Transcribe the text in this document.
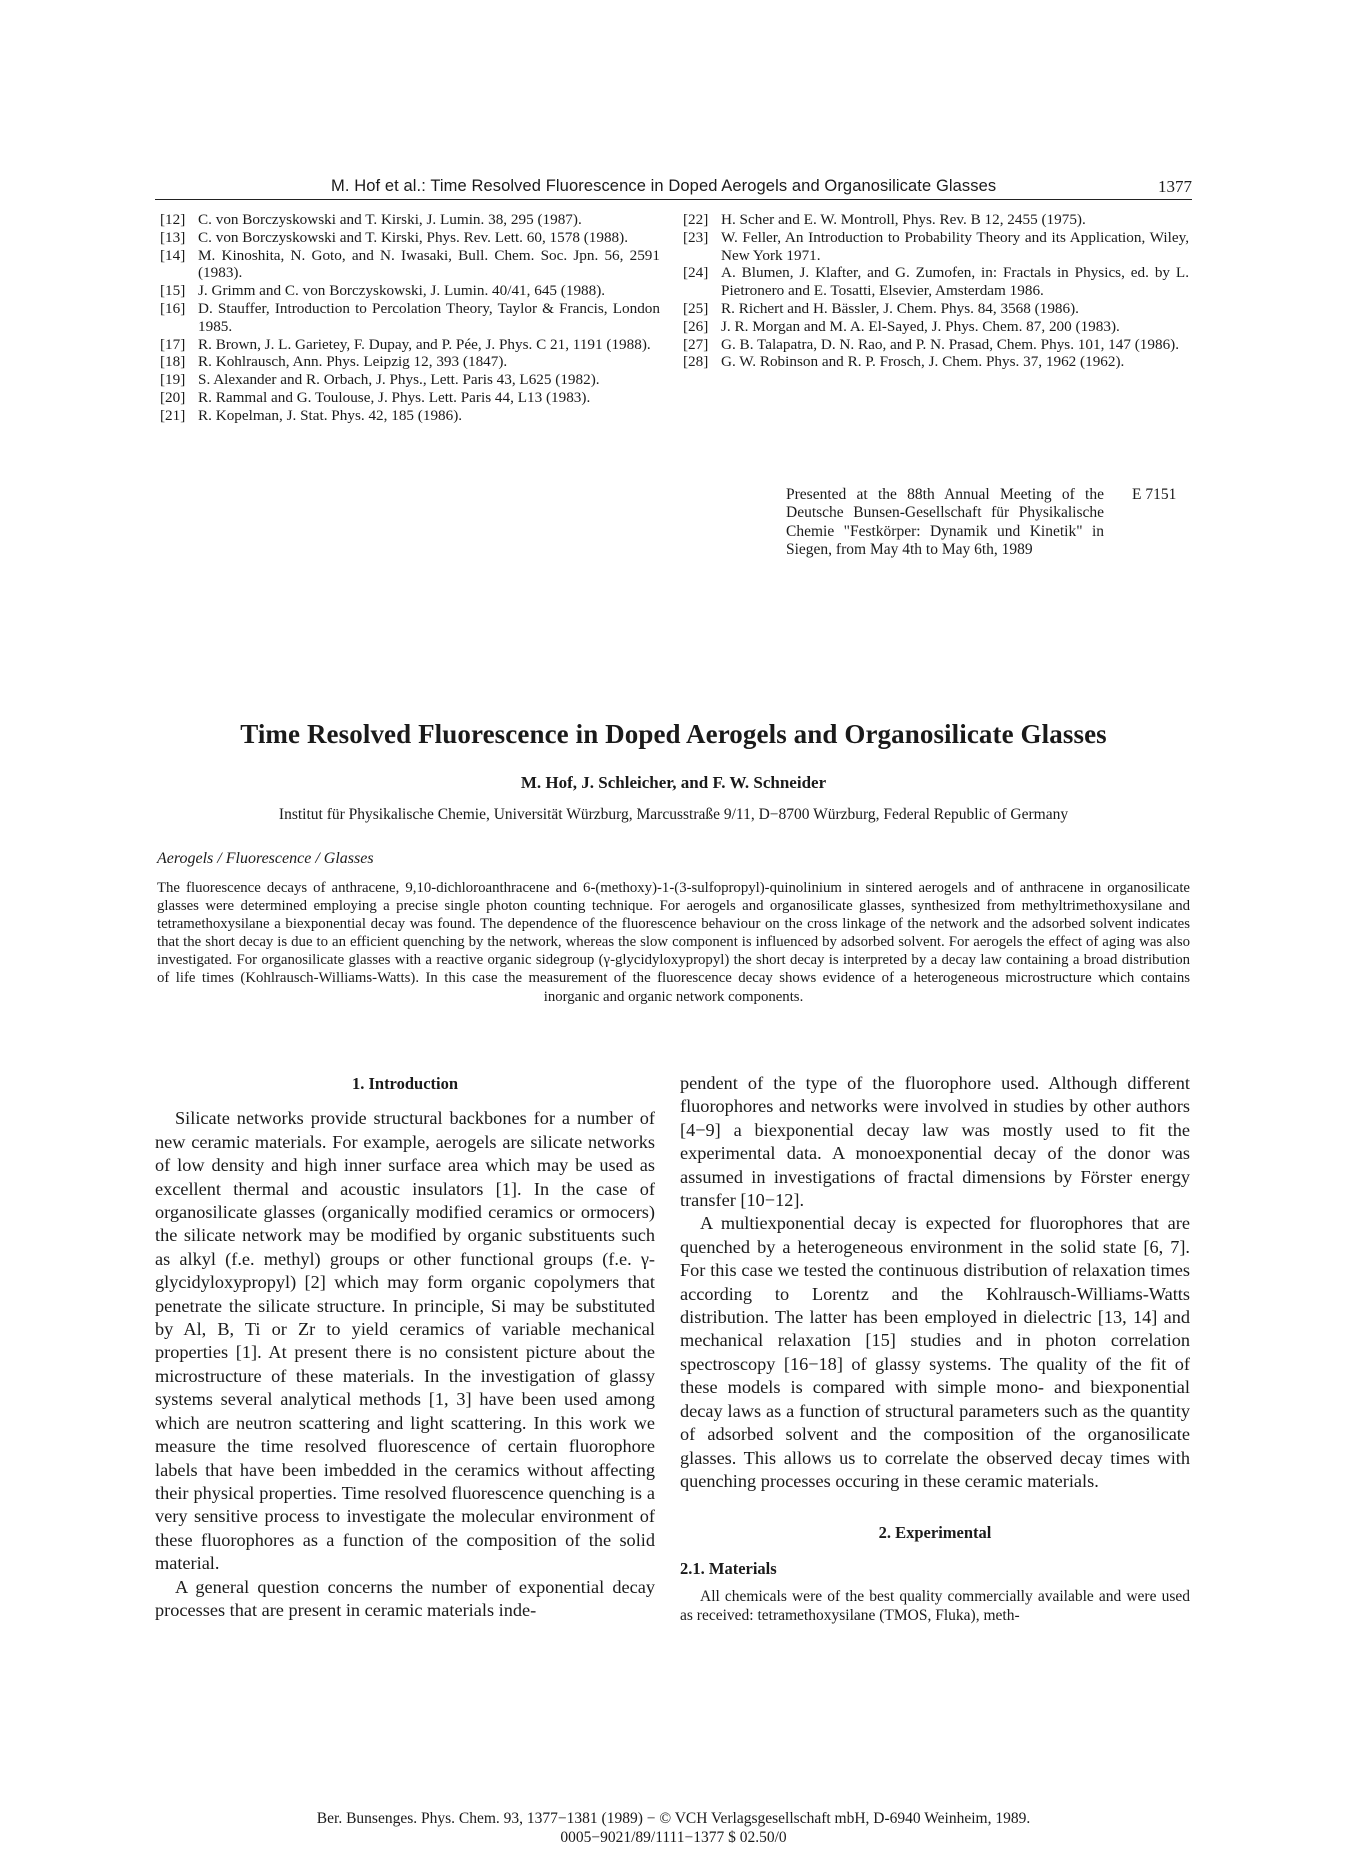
M. Hof et al.: Time Resolved Fluorescence in Doped Aerogels and Organosilicate Glasses	1377
[12] C. von Borczyskowski and T. Kirski, J. Lumin. 38, 295 (1987).
[13] C. von Borczyskowski and T. Kirski, Phys. Rev. Lett. 60, 1578 (1988).
[14] M. Kinoshita, N. Goto, and N. Iwasaki, Bull. Chem. Soc. Jpn. 56, 2591 (1983).
[15] J. Grimm and C. von Borczyskowski, J. Lumin. 40/41, 645 (1988).
[16] D. Stauffer, Introduction to Percolation Theory, Taylor & Francis, London 1985.
[17] R. Brown, J. L. Garietey, F. Dupay, and P. Pée, J. Phys. C 21, 1191 (1988).
[18] R. Kohlrausch, Ann. Phys. Leipzig 12, 393 (1847).
[19] S. Alexander and R. Orbach, J. Phys., Lett. Paris 43, L625 (1982).
[20] R. Rammal and G. Toulouse, J. Phys. Lett. Paris 44, L13 (1983).
[21] R. Kopelman, J. Stat. Phys. 42, 185 (1986).
[22] H. Scher and E. W. Montroll, Phys. Rev. B 12, 2455 (1975).
[23] W. Feller, An Introduction to Probability Theory and its Application, Wiley, New York 1971.
[24] A. Blumen, J. Klafter, and G. Zumofen, in: Fractals in Physics, ed. by L. Pietronero and E. Tosatti, Elsevier, Amsterdam 1986.
[25] R. Richert and H. Bässler, J. Chem. Phys. 84, 3568 (1986).
[26] J. R. Morgan and M. A. El-Sayed, J. Phys. Chem. 87, 200 (1983).
[27] G. B. Talapatra, D. N. Rao, and P. N. Prasad, Chem. Phys. 101, 147 (1986).
[28] G. W. Robinson and R. P. Frosch, J. Chem. Phys. 37, 1962 (1962).
Presented at the 88th Annual Meeting of the Deutsche Bunsen-Gesellschaft für Physikalische Chemie "Festkörper: Dynamik und Kinetik" in Siegen, from May 4th to May 6th, 1989
E 7151
Time Resolved Fluorescence in Doped Aerogels and Organosilicate Glasses
M. Hof, J. Schleicher, and F. W. Schneider
Institut für Physikalische Chemie, Universität Würzburg, Marcusstraße 9/11, D−8700 Würzburg, Federal Republic of Germany
Aerogels / Fluorescence / Glasses
The fluorescence decays of anthracene, 9,10-dichloroanthracene and 6-(methoxy)-1-(3-sulfopropyl)-quinolinium in sintered aerogels and of anthracene in organosilicate glasses were determined employing a precise single photon counting technique. For aerogels and organosilicate glasses, synthesized from methyltrimethoxysilane and tetramethoxysilane a biexponential decay was found. The dependence of the fluorescence behaviour on the cross linkage of the network and the adsorbed solvent indicates that the short decay is due to an efficient quenching by the network, whereas the slow component is influenced by adsorbed solvent. For aerogels the effect of aging was also investigated. For organosilicate glasses with a reactive organic sidegroup (γ-glycidyloxypropyl) the short decay is interpreted by a decay law containing a broad distribution of life times (Kohlrausch-Williams-Watts). In this case the measurement of the fluorescence decay shows evidence of a heterogeneous microstructure which contains inorganic and organic network components.
1. Introduction

Silicate networks provide structural backbones for a number of new ceramic materials. For example, aerogels are silicate networks of low density and high inner surface area which may be used as excellent thermal and acoustic insulators [1]. In the case of organosilicate glasses (organically modified ceramics or ormocers) the silicate network may be modified by organic substituents such as alkyl (f.e. methyl) groups or other functional groups (f.e. γ-glycidyloxypropyl) [2] which may form organic copolymers that penetrate the silicate structure. In principle, Si may be substituted by Al, B, Ti or Zr to yield ceramics of variable mechanical properties [1]. At present there is no consistent picture about the microstructure of these materials. In the investigation of glassy systems several analytical methods [1, 3] have been used among which are neutron scattering and light scattering. In this work we measure the time resolved fluorescence of certain fluorophore labels that have been imbedded in the ceramics without affecting their physical properties. Time resolved fluorescence quenching is a very sensitive process to investigate the molecular environment of these fluorophores as a function of the composition of the solid material.

A general question concerns the number of exponential decay processes that are present in ceramic materials inde-

pendent of the type of the fluorophore used. Although different fluorophores and networks were involved in studies by other authors [4−9] a biexponential decay law was mostly used to fit the experimental data. A monoexponential decay of the donor was assumed in investigations of fractal dimensions by Förster energy transfer [10−12].

A multiexponential decay is expected for fluorophores that are quenched by a heterogeneous environment in the solid state [6, 7]. For this case we tested the continuous distribution of relaxation times according to Lorentz and the Kohlrausch-Williams-Watts distribution. The latter has been employed in dielectric [13, 14] and mechanical relaxation [15] studies and in photon correlation spectroscopy [16−18] of glassy systems. The quality of the fit of these models is compared with simple mono- and biexponential decay laws as a function of structural parameters such as the quantity of adsorbed solvent and the composition of the organosilicate glasses. This allows us to correlate the observed decay times with quenching processes occuring in these ceramic materials.

2. Experimental
2.1. Materials

All chemicals were of the best quality commercially available and were used as received: tetramethoxysilane (TMOS, Fluka), meth-

Ber. Bunsenges. Phys. Chem. 93, 1377−1381 (1989) − © VCH Verlagsgesellschaft mbH, D-6940 Weinheim, 1989.
0005−9021/89/1111−1377 $ 02.50/0
